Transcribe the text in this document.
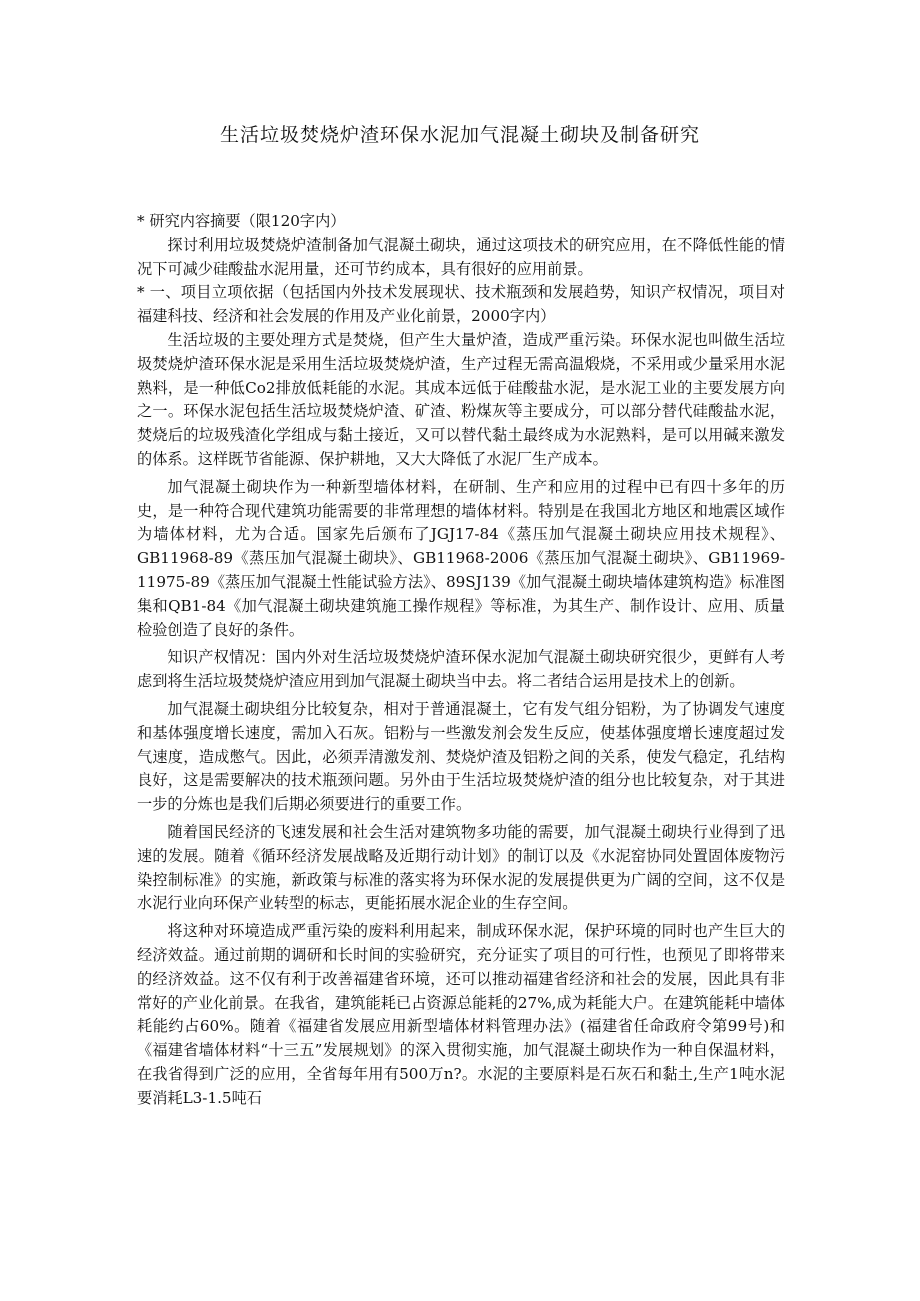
生活垃圾焚烧炉渣环保水泥加气混凝土砌块及制备研究

* 研究内容摘要（限120字内）

探讨利用垃圾焚烧炉渣制备加气混凝土砌块，通过这项技术的研究应用，在不降低性能的情况下可减少硅酸盐水泥用量，还可节约成本，具有很好的应用前景。

* 一、项目立项依据（包括国内外技术发展现状、技术瓶颈和发展趋势，知识产权情况，项目对福建科技、经济和社会发展的作用及产业化前景，2000字内）

生活垃圾的主要处理方式是焚烧，但产生大量炉渣，造成严重污染。环保水泥也叫做生活垃圾焚烧炉渣环保水泥是采用生活垃圾焚烧炉渣，生产过程无需高温煅烧，不采用或少量采用水泥熟料，是一种低Co2排放低耗能的水泥。其成本远低于硅酸盐水泥，是水泥工业的主要发展方向之一。环保水泥包括生活垃圾焚烧炉渣、矿渣、粉煤灰等主要成分，可以部分替代硅酸盐水泥，焚烧后的垃圾残渣化学组成与黏土接近，又可以替代黏土最终成为水泥熟料，是可以用碱来激发的体系。这样既节省能源、保护耕地，又大大降低了水泥厂生产成本。

加气混凝土砌块作为一种新型墙体材料，在研制、生产和应用的过程中已有四十多年的历史，是一种符合现代建筑功能需要的非常理想的墙体材料。特别是在我国北方地区和地震区域作为墙体材料，尤为合适。国家先后颁布了JGJ17-84《蒸压加气混凝土砌块应用技术规程》、GB11968-89《蒸压加气混凝土砌块》、GB11968-2006《蒸压加气混凝土砌块》、GB11969-11975-89《蒸压加气混凝土性能试验方法》、89SJ139《加气混凝土砌块墙体建筑构造》标准图集和QB1-84《加气混凝土砌块建筑施工操作规程》等标准，为其生产、制作设计、应用、质量检验创造了良好的条件。

知识产权情况：国内外对生活垃圾焚烧炉渣环保水泥加气混凝土砌块研究很少，更鲜有人考虑到将生活垃圾焚烧炉渣应用到加气混凝土砌块当中去。将二者结合运用是技术上的创新。

加气混凝土砌块组分比较复杂，相对于普通混凝土，它有发气组分铝粉，为了协调发气速度和基体强度增长速度，需加入石灰。铝粉与一些激发剂会发生反应，使基体强度增长速度超过发气速度，造成憋气。因此，必须弄清激发剂、焚烧炉渣及铝粉之间的关系，使发气稳定，孔结构良好，这是需要解决的技术瓶颈问题。另外由于生活垃圾焚烧炉渣的组分也比较复杂，对于其进一步的分炼也是我们后期必须要进行的重要工作。

随着国民经济的飞速发展和社会生活对建筑物多功能的需要，加气混凝土砌块行业得到了迅速的发展。随着《循环经济发展战略及近期行动计划》的制订以及《水泥窑协同处置固体废物污染控制标准》的实施，新政策与标准的落实将为环保水泥的发展提供更为广阔的空间，这不仅是水泥行业向环保产业转型的标志，更能拓展水泥企业的生存空间。

将这种对环境造成严重污染的废料利用起来，制成环保水泥，保护环境的同时也产生巨大的经济效益。通过前期的调研和长时间的实验研究，充分证实了项目的可行性，也预见了即将带来的经济效益。这不仅有利于改善福建省环境，还可以推动福建省经济和社会的发展，因此具有非常好的产业化前景。在我省，建筑能耗已占资源总能耗的27%,成为耗能大户。在建筑能耗中墙体耗能约占60%。随着《福建省发展应用新型墙体材料管理办法》(福建省任命政府令第99号)和《福建省墙体材料“十三五”发展规划》的深入贯彻实施，加气混凝土砌块作为一种自保温材料，在我省得到广泛的应用，全省每年用有500万n?。水泥的主要原料是石灰石和黏土,生产1吨水泥要消耗L3-1.5吨石
